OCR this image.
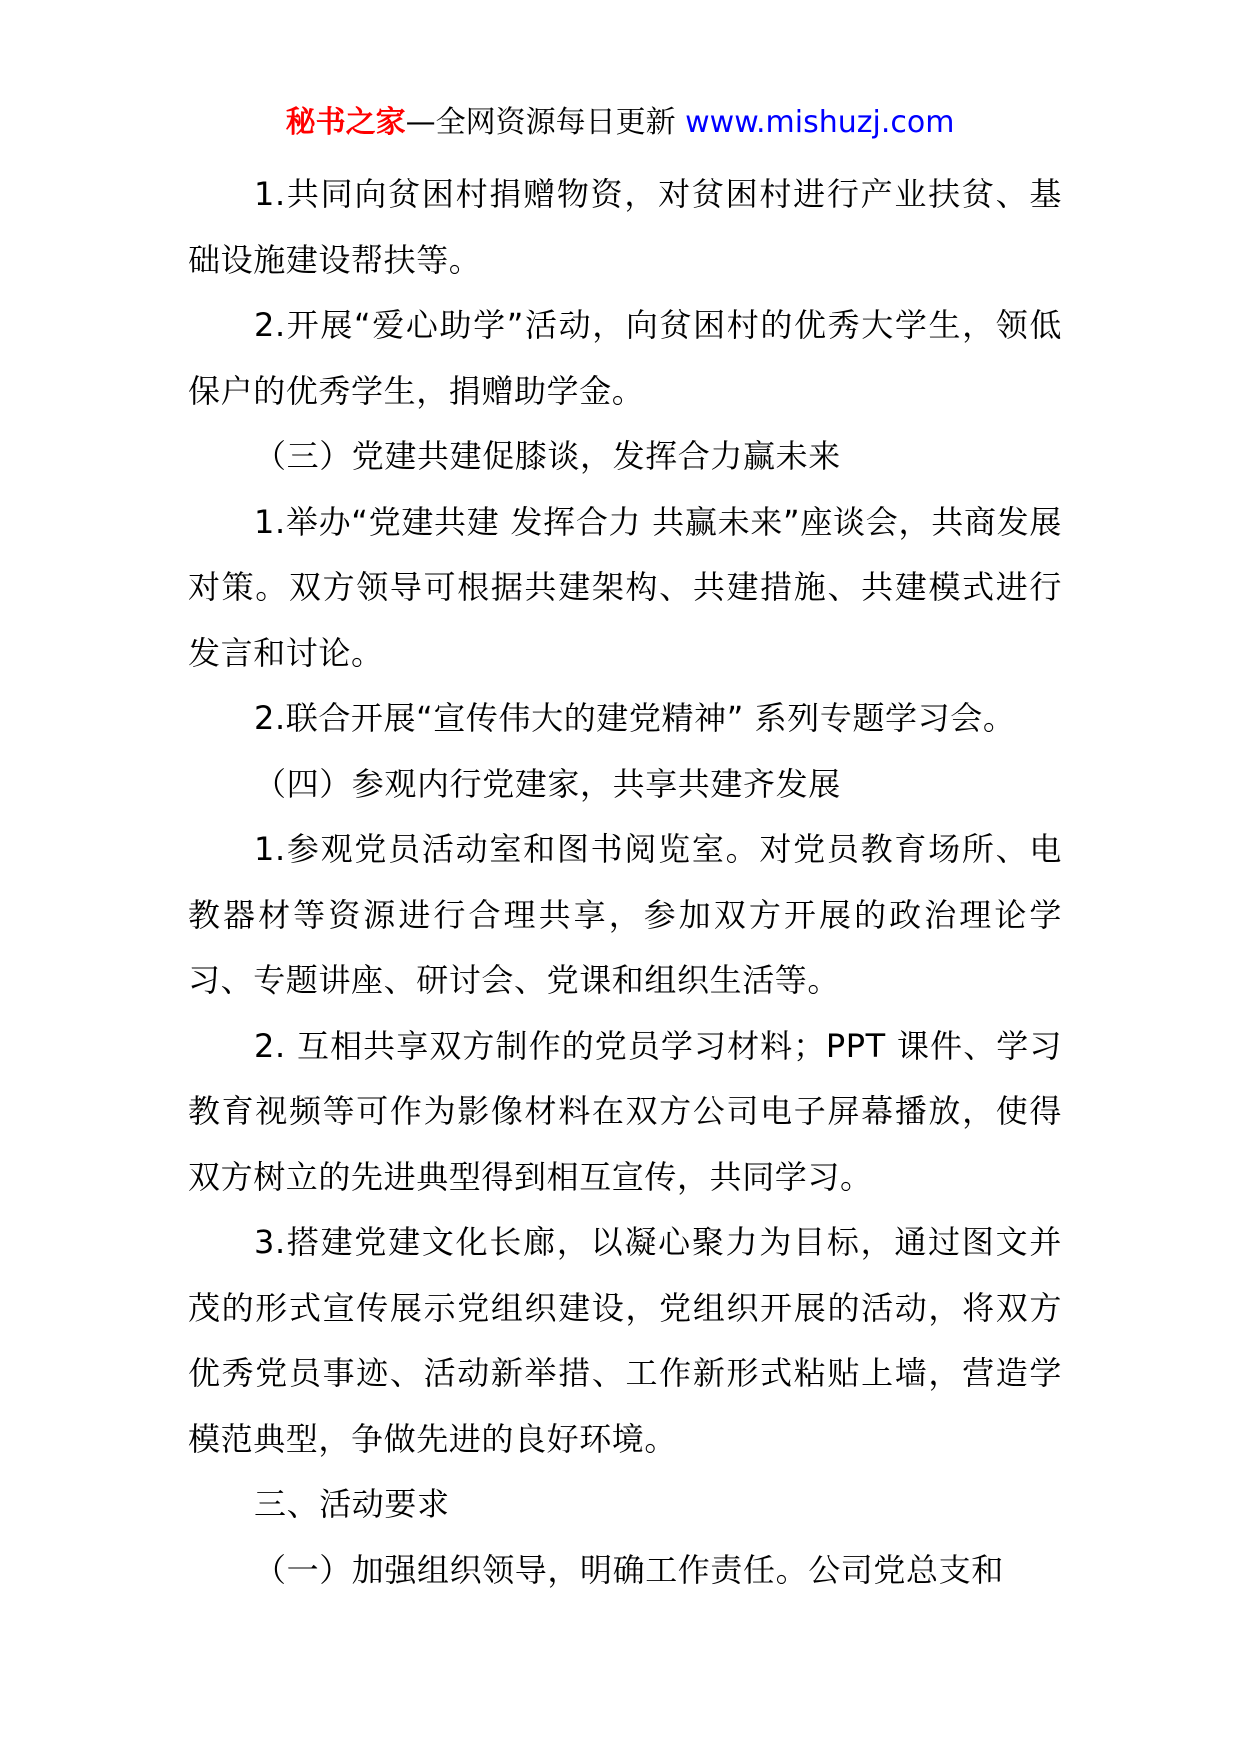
秘书之家—全网资源每日更新 www.mishuzj.com

1.共同向贫困村捐赠物资，对贫困村进行产业扶贫、基础设施建设帮扶等。

2.开展“爱心助学”活动，向贫困村的优秀大学生，领低保户的优秀学生，捐赠助学金。

（三）党建共建促膝谈，发挥合力赢未来

1.举办“党建共建 发挥合力 共赢未来”座谈会，共商发展对策。双方领导可根据共建架构、共建措施、共建模式进行发言和讨论。

2.联合开展“宣传伟大的建党精神” 系列专题学习会。

（四）参观内行党建家，共享共建齐发展

1.参观党员活动室和图书阅览室。对党员教育场所、电教器材等资源进行合理共享，参加双方开展的政治理论学习、专题讲座、研讨会、党课和组织生活等。

2. 互相共享双方制作的党员学习材料；PPT 课件、学习教育视频等可作为影像材料在双方公司电子屏幕播放，使得双方树立的先进典型得到相互宣传，共同学习。

3.搭建党建文化长廊，以凝心聚力为目标，通过图文并茂的形式宣传展示党组织建设，党组织开展的活动，将双方优秀党员事迹、活动新举措、工作新形式粘贴上墙，营造学模范典型，争做先进的良好环境。

三、活动要求

（一）加强组织领导，明确工作责任。公司党总支和
